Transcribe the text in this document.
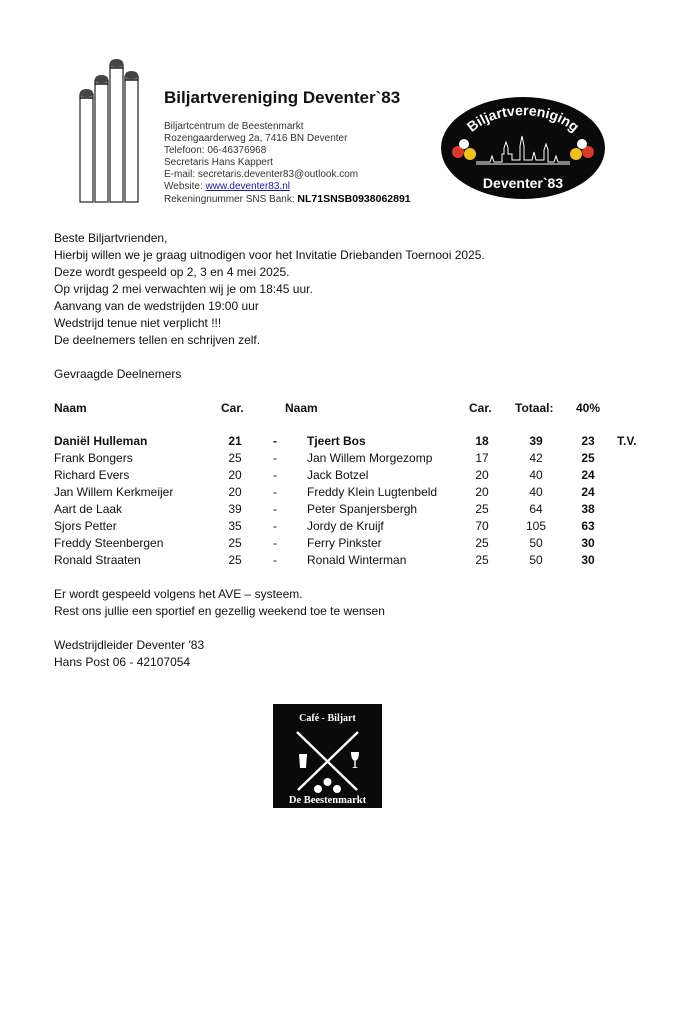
Biljartvereniging Deventer`83
Biljartcentrum de Beestenmarkt
Rozengaarderweg 2a, 7416 BN Deventer
Telefoon: 06-46376968
Secretaris Hans Kappert
E-mail: secretaris.deventer83@outlook.com
Website: www.deventer83.nl
Rekeningnummer SNS Bank: NL71SNSB0938062891
Biljartvereniging
Deventer`83
Beste Biljartvrienden,
Hierbij willen we je graag uitnodigen voor het Invitatie Driebanden Toernooi 2025.
Deze wordt gespeeld op 2, 3 en 4 mei 2025.
Op vrijdag 2 mei verwachten wij je om 18:45 uur.
Aanvang van de wedstrijden 19:00 uur
Wedstrijd tenue niet verplicht !!!
De deelnemers tellen en schrijven zelf.
Gevraagde Deelnemers
Naam	Car.	Naam	Car. Totaal: 40%
Daniël Hulleman	21	-	Tjeert Bos	18	39	23	T.V.
Frank Bongers	25	-	Jan Willem Morgezomp	17	42	25
Richard Evers	20	-	Jack Botzel	20	40	24
Jan Willem Kerkmeijer	20	-	Freddy Klein Lugtenbeld	20	40	24
Aart de Laak	39	-	Peter Spanjersbergh	25	64	38
Sjors Petter	35	-	Jordy de Kruijf	70	105	63
Freddy Steenbergen	25	-	Ferry Pinkster	25	50	30
Ronald Straaten	25	-	Ronald Winterman	25	50	30
Er wordt gespeeld volgens het AVE – systeem.
Rest ons jullie een sportief en gezellig weekend toe te wensen
Wedstrijdleider Deventer '83
Hans Post 06 - 42107054
Café - Biljart
De Beestenmarkt
